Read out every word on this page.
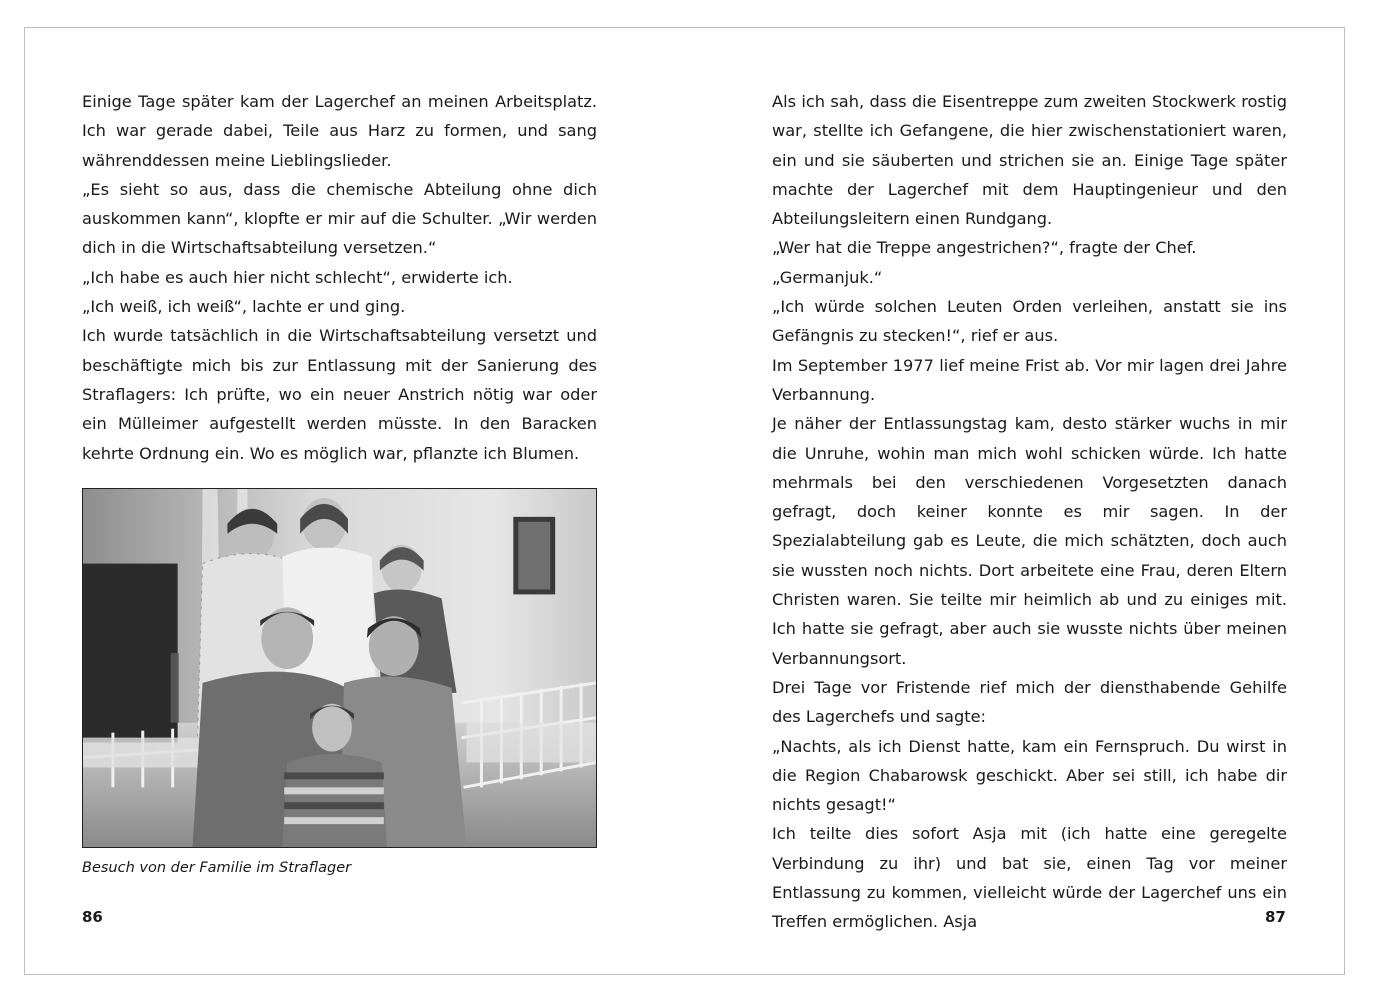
Einige Tage später kam der Lagerchef an meinen Arbeitsplatz. Ich war gerade dabei, Teile aus Harz zu formen, und sang währenddessen meine Lieblingslieder.

„Es sieht so aus, dass die chemische Abteilung ohne dich auskommen kann“, klopfte er mir auf die Schulter. „Wir werden dich in die Wirtschaftsabteilung versetzen.“

„Ich habe es auch hier nicht schlecht“, erwiderte ich.

„Ich weiß, ich weiß“, lachte er und ging.

Ich wurde tatsächlich in die Wirtschaftsabteilung versetzt und beschäftigte mich bis zur Entlassung mit der Sanierung des Straflagers: Ich prüfte, wo ein neuer Anstrich nötig war oder ein Mülleimer aufgestellt werden müsste. In den Baracken kehrte Ordnung ein. Wo es möglich war, pflanzte ich Blumen.

Besuch von der Familie im Straflager
86

Als ich sah, dass die Eisentreppe zum zweiten Stockwerk rostig war, stellte ich Gefangene, die hier zwischenstationiert waren, ein und sie säuberten und strichen sie an. Einige Tage später machte der Lagerchef mit dem Hauptingenieur und den Abteilungsleitern einen Rundgang.

„Wer hat die Treppe angestrichen?“, fragte der Chef.

„Germanjuk.“

„Ich würde solchen Leuten Orden verleihen, anstatt sie ins Gefängnis zu stecken!“, rief er aus.

Im September 1977 lief meine Frist ab. Vor mir lagen drei Jahre Verbannung.

Je näher der Entlassungstag kam, desto stärker wuchs in mir die Unruhe, wohin man mich wohl schicken würde. Ich hatte mehrmals bei den verschiedenen Vorgesetzten danach gefragt, doch keiner konnte es mir sagen. In der Spezialabteilung gab es Leute, die mich schätzten, doch auch sie wussten noch nichts. Dort arbeitete eine Frau, deren Eltern Christen waren. Sie teilte mir heimlich ab und zu einiges mit. Ich hatte sie gefragt, aber auch sie wusste nichts über meinen Verbannungsort.

Drei Tage vor Fristende rief mich der diensthabende Gehilfe des Lagerchefs und sagte:

„Nachts, als ich Dienst hatte, kam ein Fernspruch. Du wirst in die Region Chabarowsk geschickt. Aber sei still, ich habe dir nichts gesagt!“

Ich teilte dies sofort Asja mit (ich hatte eine geregelte Verbindung zu ihr) und bat sie, einen Tag vor meiner Entlassung zu kommen, vielleicht würde der Lagerchef uns ein Treffen ermöglichen. Asja	87
